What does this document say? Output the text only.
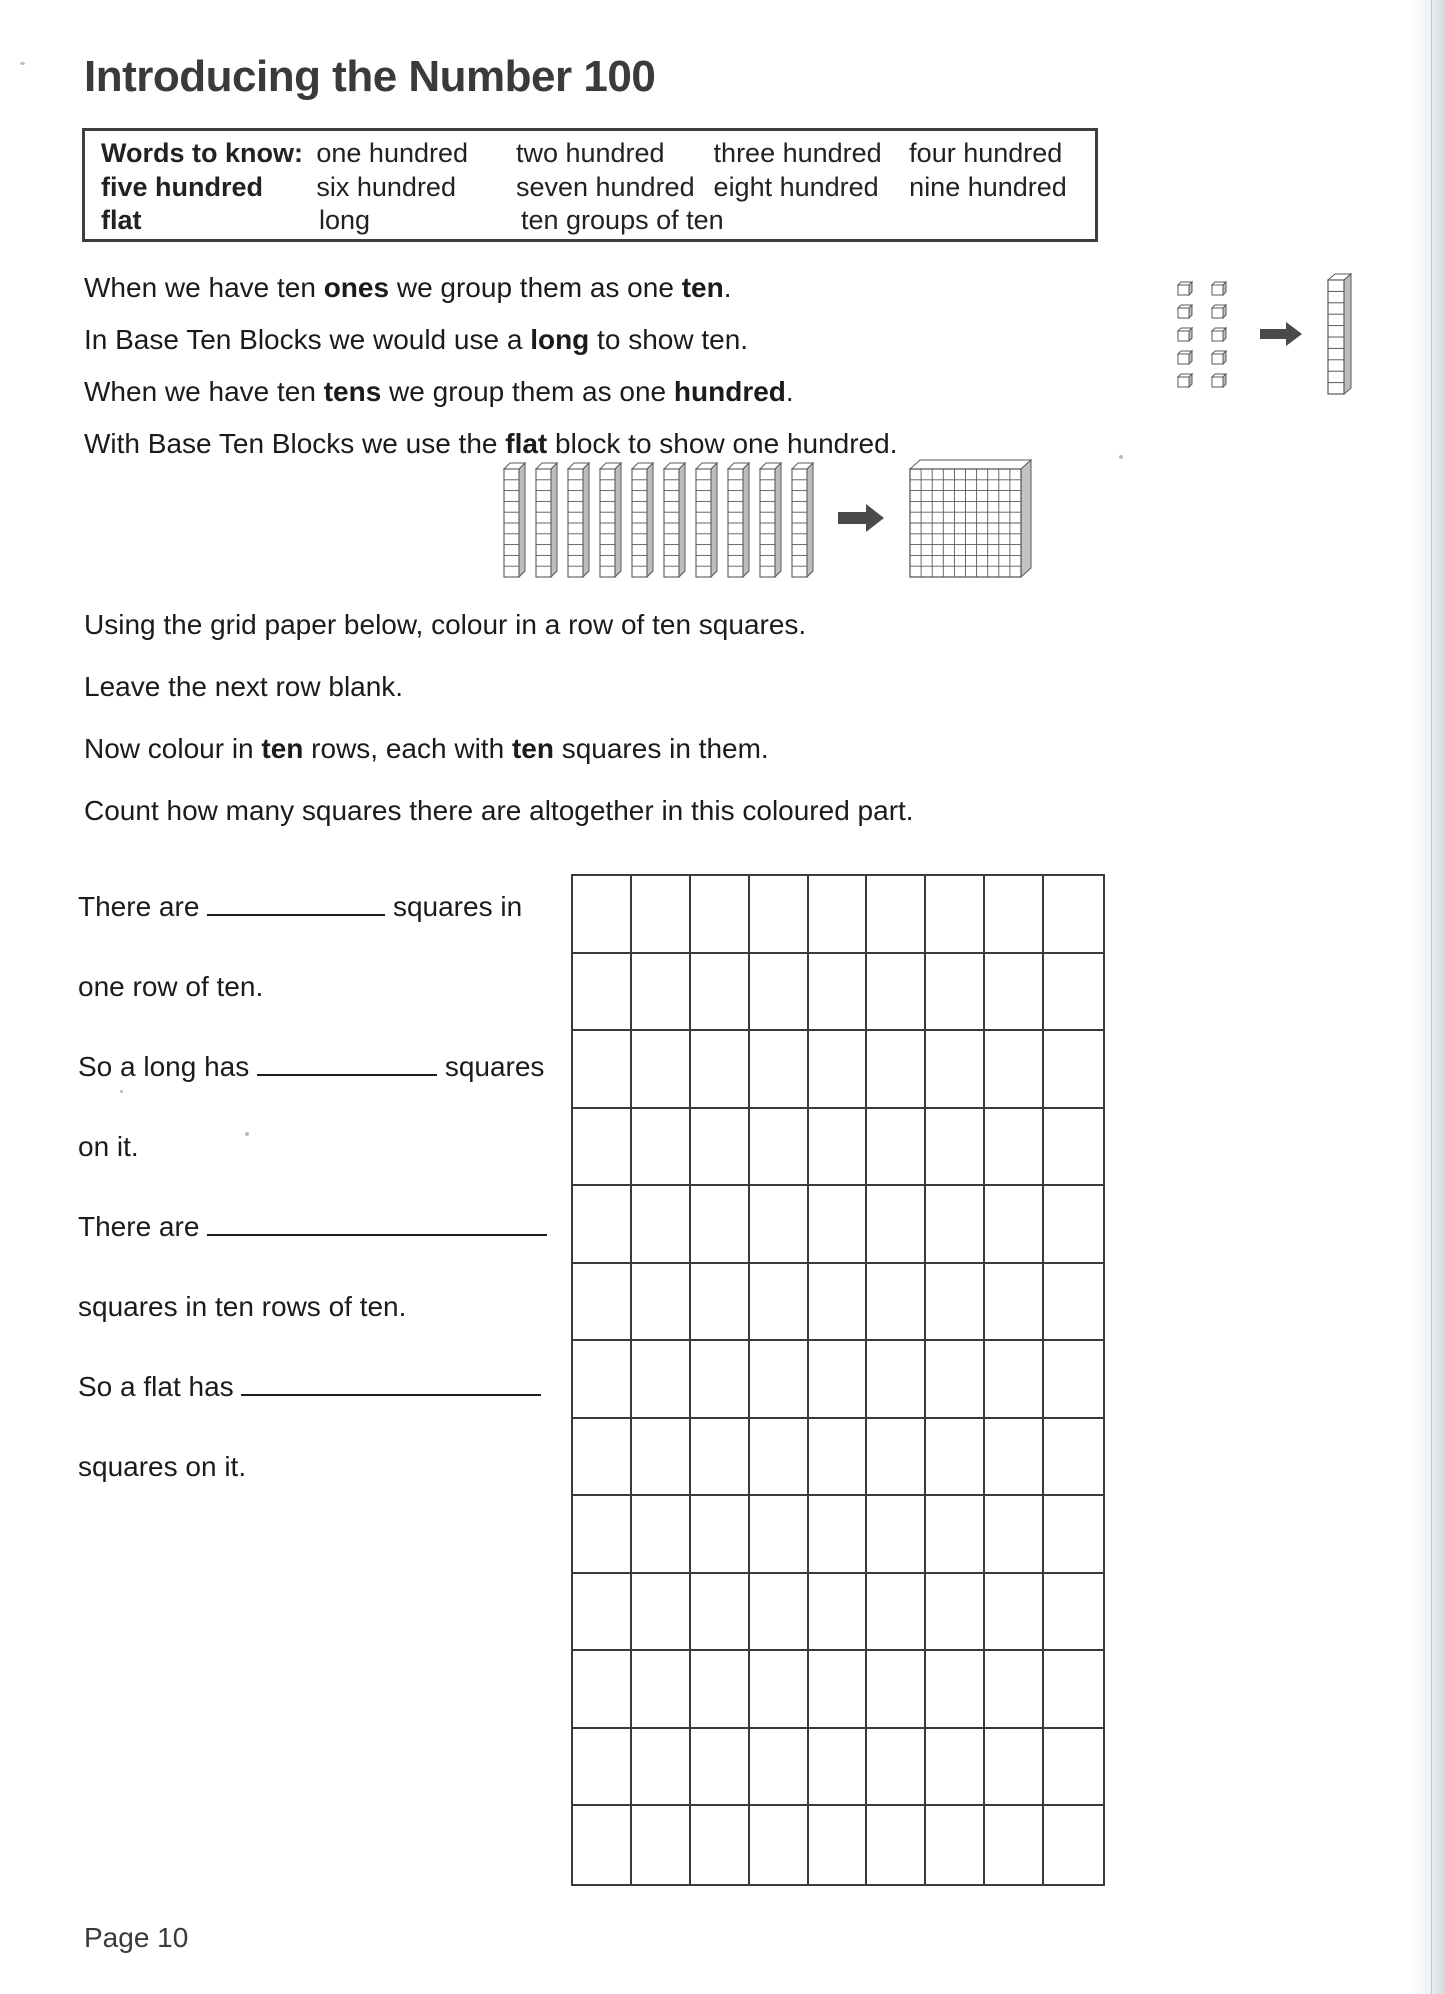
Introducing the Number 100
Words to know: one hundred	two hundred	three hundred	four hundred
five hundred	six hundred	seven hundred eight hundred	nine hundred
flat	long	ten groups of ten

When we have ten ones we group them as one ten.

In Base Ten Blocks we would use a long to show ten.

When we have ten tens we group them as one hundred.

With Base Ten Blocks we use the flat block to show one hundred.

Using the grid paper below, colour in a row of ten squares.

Leave the next row blank.

Now colour in ten rows, each with ten squares in them.

Count how many squares there are altogether in this coloured part.

There are	squares in
one row of ten.
So a long has	squares
on it.
There are
squares in ten rows of ten.
So a flat has
squares on it.
Page 10
